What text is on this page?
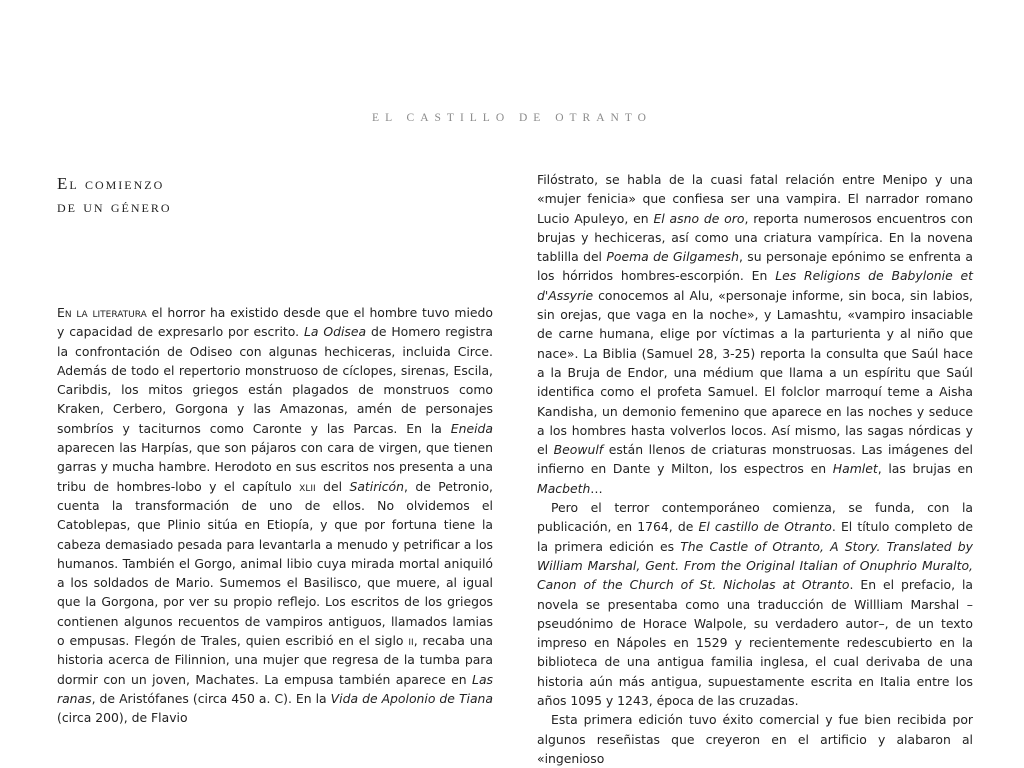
EL CASTILLO DE OTRANTO
El comienzo
de un género

En la literatura el horror ha existido desde que el hombre tuvo miedo y capacidad de expresarlo por escrito. La Odisea de Homero registra la confrontación de Odiseo con algunas hechiceras, incluida Circe. Además de todo el repertorio monstruoso de cíclopes, sirenas, Escila, Caribdis, los mitos griegos están plagados de monstruos como Kraken, Cerbero, Gorgona y las Amazonas, amén de personajes sombríos y taciturnos como Caronte y las Parcas. En la Eneida aparecen las Harpías, que son pájaros con cara de virgen, que tienen garras y mucha hambre. Herodoto en sus escritos nos presenta a una tribu de hombres-lobo y el capítulo xlii del Satiricón, de Petronio, cuenta la transformación de uno de ellos. No olvidemos el Catoblepas, que Plinio sitúa en Etiopía, y que por fortuna tiene la cabeza demasiado pesada para levantarla a menudo y petrificar a los humanos. También el Gorgo, animal libio cuya mirada mortal aniquiló a los soldados de Mario. Sumemos el Basilisco, que muere, al igual que la Gorgona, por ver su propio reflejo. Los escritos de los griegos contienen algunos recuentos de vampiros antiguos, llamados lamias o empusas. Flegón de Trales, quien escribió en el siglo ii, recaba una historia acerca de Filinnion, una mujer que regresa de la tumba para dormir con un joven, Machates. La empusa también aparece en Las ranas, de Aristófanes (circa 450 a. C). En la Vida de Apolonio de Tiana (circa 200), de Flavio

Filóstrato, se habla de la cuasi fatal relación entre Menipo y una «mujer fenicia» que confiesa ser una vampira. El narrador romano Lucio Apuleyo, en El asno de oro, reporta numerosos encuentros con brujas y hechiceras, así como una criatura vampírica. En la novena tablilla del Poema de Gilgamesh, su personaje epónimo se enfrenta a los hórridos hombres-escorpión. En Les Religions de Babylonie et d'Assyrie conocemos al Alu, «personaje informe, sin boca, sin labios, sin orejas, que vaga en la noche», y Lamashtu, «vampiro insaciable de carne humana, elige por víctimas a la parturienta y al niño que nace». La Biblia (Samuel 28, 3-25) reporta la consulta que Saúl hace a la Bruja de Endor, una médium que llama a un espíritu que Saúl identifica como el profeta Samuel. El folclor marroquí teme a Aisha Kandisha, un demonio femenino que aparece en las noches y seduce a los hombres hasta volverlos locos. Así mismo, las sagas nórdicas y el Beowulf están llenos de criaturas monstruosas. Las imágenes del infierno en Dante y Milton, los espectros en Hamlet, las brujas en Macbeth…

Pero el terror contemporáneo comienza, se funda, con la publicación, en 1764, de El castillo de Otranto. El título completo de la primera edición es The Castle of Otranto, A Story. Translated by William Marshal, Gent. From the Original Italian of Onuphrio Muralto, Canon of the Church of St. Nicholas at Otranto. En el prefacio, la novela se presentaba como una traducción de Willliam Marshal –pseudónimo de Horace Walpole, su verdadero autor–, de un texto impreso en Nápoles en 1529 y recientemente redescubierto en la biblioteca de una antigua familia inglesa, el cual derivaba de una historia aún más antigua, supuestamente escrita en Italia entre los años 1095 y 1243, época de las cruzadas.

Esta primera edición tuvo éxito comercial y fue bien recibida por algunos reseñistas que creyeron en el artificio y alabaron al «ingenioso
